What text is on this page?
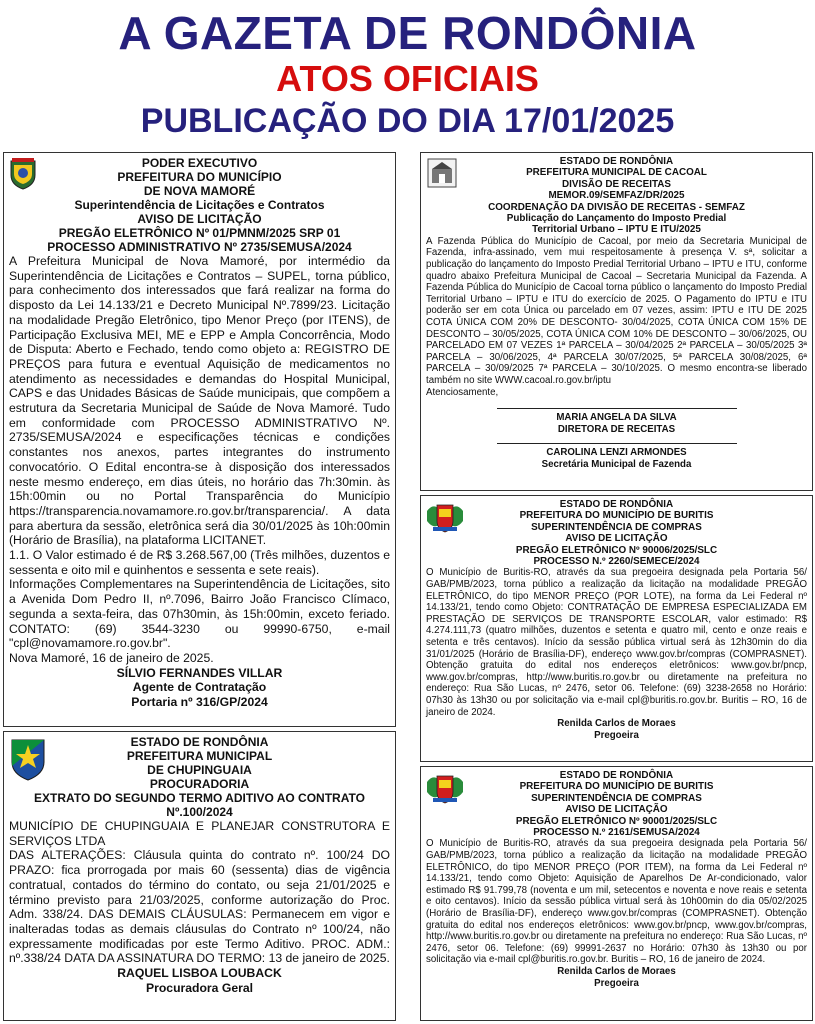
A GAZETA DE RONDÔNIA
ATOS OFICIAIS
PUBLICAÇÃO DO DIA 17/01/2025
PODER EXECUTIVO
PREFEITURA DO MUNICÍPIO
DE NOVA MAMORÉ
Superintendência de Licitações e Contratos
AVISO DE LICITAÇÃO
PREGÃO ELETRÔNICO Nº 01/PMNM/2025 SRP 01
PROCESSO ADMINISTRATIVO Nº 2735/SEMUSA/2024

A Prefeitura Municipal de Nova Mamoré, por intermédio da Superintendência de Licitações e Contratos – SUPEL, torna público, para conhecimento dos interessados que fará realizar na forma do disposto da Lei 14.133/21 e Decreto Municipal Nº.7899/23. Licitação na modalidade Pregão Eletrônico, tipo Menor Preço (por ITENS), de Participação Exclusiva MEI, ME e EPP e Ampla Concorrência, Modo de Disputa: Aberto e Fechado, tendo como objeto a: REGISTRO DE PREÇOS para futura e eventual Aquisição de medicamentos no atendimento as necessidades e demandas do Hospital Municipal, CAPS e das Unidades Básicas de Saúde municipais, que compõem a estrutura da Secretaria Municipal de Saúde de Nova Mamoré. Tudo em conformidade com PROCESSO ADMINISTRATIVO Nº. 2735/SEMUSA/2024 e especificações técnicas e condições constantes nos anexos, partes integrantes do instrumento convocatório. O Edital encontra-se à disposição dos interessados neste mesmo endereço, em dias úteis, no horário das 7h:30min. às 15h:00min ou no Portal Transparência do Município https://transparencia.novamamore.ro.gov.br/transparencia/. A data para abertura da sessão, eletrônica será dia 30/01/2025 às 10h:00min (Horário de Brasília), na plataforma LICITANET.

1.1. O Valor estimado é de R$ 3.268.567,00 (Três milhões, duzentos e sessenta e oito mil e quinhentos e sessenta e sete reais).

Informações Complementares na Superintendência de Licitações, sito a Avenida Dom Pedro II, nº.7096, Bairro João Francisco Clímaco, segunda a sexta-feira, das 07h30min, às 15h:00min, exceto feriado. CONTATO: (69) 3544-3230 ou 99990-6750, e-mail "cpl@novamamore.ro.gov.br".

Nova Mamoré, 16 de janeiro de 2025.

SÍLVIO FERNANDES VILLAR
Agente de Contratação
Portaria nº 316/GP/2024
ESTADO DE RONDÔNIA
PREFEITURA MUNICIPAL
DE CHUPINGUAIA
PROCURADORIA
EXTRATO DO SEGUNDO TERMO ADITIVO AO CONTRATO
Nº.100/2024

MUNICÍPIO DE CHUPINGUAIA E PLANEJAR CONSTRUTORA E SERVIÇOS LTDA

DAS ALTERAÇÕES: Cláusula quinta do contrato nº. 100/24 DO PRAZO: fica prorrogada por mais 60 (sessenta) dias de vigência contratual, contados do término do contato, ou seja 21/01/2025 e término previsto para 21/03/2025, conforme autorização do Proc. Adm. 338/24. DAS DEMAIS CLÁUSULAS: Permanecem em vigor e inalteradas todas as demais cláusulas do Contrato nº 100/24, não expressamente modificadas por este Termo Aditivo. PROC. ADM.: nº.338/24 DATA DA ASSINATURA DO TERMO: 13 de janeiro de 2025.

RAQUEL LISBOA LOUBACK
Procuradora Geral
ESTADO DE RONDÔNIA
PREFEITURA MUNICIPAL DE CACOAL
DIVISÃO DE RECEITAS
MEMOR.09/SEMFAZ/DR/2025
COORDENAÇÃO DA DIVISÃO DE RECEITAS - SEMFAZ
Publicação do Lançamento do Imposto Predial
Territorial Urbano – IPTU E ITU/2025

A Fazenda Pública do Município de Cacoal, por meio da Secretaria Municipal de Fazenda, infra-assinado, vem mui respeitosamente à presença V. sª, solicitar a publicação do lançamento do Imposto Predial Territorial Urbano – IPTU e ITU, conforme quadro abaixo Prefeitura Municipal de Cacoal – Secretaria Municipal da Fazenda. A Fazenda Pública do Município de Cacoal torna público o lançamento do Imposto Predial Territorial Urbano – IPTU e ITU do exercício de 2025. O Pagamento do IPTU e ITU poderão ser em cota Única ou parcelado em 07 vezes, assim: IPTU e ITU DE 2025 COTA ÚNICA COM 20% DE DESCONTO- 30/04/2025, COTA ÚNICA COM 15% DE DESCONTO – 30/05/2025, COTA ÚNICA COM 10% DE DESCONTO – 30/06/2025, OU PARCELADO EM 07 VEZES 1ª PARCELA – 30/04/2025 2ª PARCELA – 30/05/2025 3ª PARCELA – 30/06/2025, 4ª PARCELA 30/07/2025, 5ª PARCELA 30/08/2025, 6ª PARCELA – 30/09/2025 7ª PARCELA – 30/10/2025. O mesmo encontra-se liberado também no site WWW.cacoal.ro.gov.br/iptu

Atenciosamente,

MARIA ANGELA DA SILVA
DIRETORA DE RECEITAS
CAROLINA LENZI ARMONDES
Secretária Municipal de Fazenda
ESTADO DE RONDÔNIA
PREFEITURA DO MUNICÍPIO DE BURITIS
SUPERINTENDÊNCIA DE COMPRAS
AVISO DE LICITAÇÃO
PREGÃO ELETRÔNICO Nº 90006/2025/SLC
PROCESSO N.º 2260/SEMECE/2024

O Município de Buritis-RO, através da sua pregoeira designada pela Portaria 56/ GAB/PMB/2023, torna público a realização da licitação na modalidade PREGÃO ELETRÔNICO, do tipo MENOR PREÇO (POR LOTE), na forma da Lei Federal nº 14.133/21, tendo como Objeto: CONTRATAÇÃO DE EMPRESA ESPECIALIZADA EM PRESTAÇÃO DE SERVIÇOS DE TRANSPORTE ESCOLAR, valor estimado: R$ 4.274.111,73 (quatro milhões, duzentos e setenta e quatro mil, cento e onze reais e setenta e três centavos). Início da sessão pública virtual será às 12h30min do dia 31/01/2025 (Horário de Brasília-DF), endereço www.gov.br/compras (COMPRASNET). Obtenção gratuita do edital nos endereços eletrônicos: www.gov.br/pncp, www.gov.br/compras, http://www.buritis.ro.gov.br ou diretamente na prefeitura no endereço: Rua São Lucas, nº 2476, setor 06. Telefone: (69) 3238-2658 no Horário: 07h30 às 13h30 ou por solicitação via e-mail cpl@buritis.ro.gov.br. Buritis – RO, 16 de janeiro de 2024.

Renilda Carlos de Moraes
Pregoeira
ESTADO DE RONDÔNIA
PREFEITURA DO MUNICÍPIO DE BURITIS
SUPERINTENDÊNCIA DE COMPRAS
AVISO DE LICITAÇÃO
PREGÃO ELETRÔNICO Nº 90001/2025/SLC
PROCESSO N.º 2161/SEMUSA/2024

O Município de Buritis-RO, através da sua pregoeira designada pela Portaria 56/ GAB/PMB/2023, torna público a realização da licitação na modalidade PREGÃO ELETRÔNICO, do tipo MENOR PREÇO (POR ITEM), na forma da Lei Federal nº 14.133/21, tendo como Objeto: Aquisição de Aparelhos De Ar-condicionado, valor estimado R$ 91.799,78 (noventa e um mil, setecentos e noventa e nove reais e setenta e oito centavos). Início da sessão pública virtual será às 10h00min do dia 05/02/2025 (Horário de Brasília-DF), endereço www.gov.br/compras (COMPRASNET). Obtenção gratuita do edital nos endereços eletrônicos: www.gov.br/pncp, www.gov.br/compras, http://www.buritis.ro.gov.br ou diretamente na prefeitura no endereço: Rua São Lucas, nº 2476, setor 06. Telefone: (69) 99991-2637 no Horário: 07h30 às 13h30 ou por solicitação via e-mail cpl@buritis.ro.gov.br. Buritis – RO, 16 de janeiro de 2024.

Renilda Carlos de Moraes
Pregoeira
